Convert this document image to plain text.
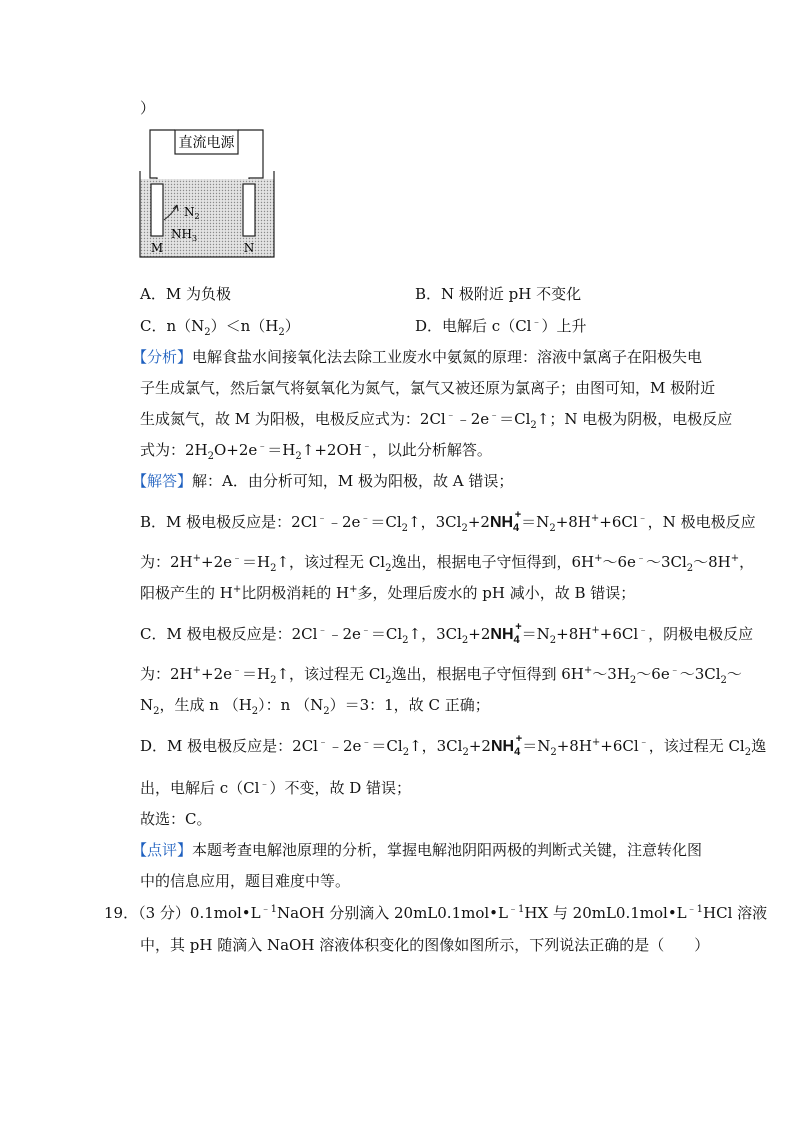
）
直流电源
$N_2$
$NH_3$
M	N
A．M 为负极	B．N 极附近 pH 不变化
C．$n(N_2)<n(H_2)$	D．电解后 c（Cl﹣）上升
【分析】电解食盐水间接氧化法去除工业废水中氨氮的原理：溶液中氯离子在阳极失电
子生成氯气，然后氯气将氨氧化为氮气，氯气又被还原为氯离子；由图可知，M 极附近
生成氮气，故 M 为阳极，电极反应式为：$2Cl^﹣﹣2e^﹣=Cl_2↑$；N 电极为阴极，电极反应
式为：$2H_2O+2e^﹣=H_2↑+2OH^﹣$，以此分析解答。
【解答】解：A．由分析可知，M 极为阳极，故 A 错误；
B．M 极电极反应是：$2Cl^﹣﹣2e^﹣=Cl_2↑$，$3Cl_2+2NH_4$
+ $=N_2+8H^++6Cl^﹣$，N 极电极反应
为：$2H^++2e^﹣=H_2↑$，该过程无 $Cl_2$逸出，根据电子守恒得到，$6H^+\sim 6e^﹣\sim 3Cl_2\sim 8H^+$，
阳极产生的 H+比阴极消耗的 H+多，处理后废水的 pH 减小，故 B 错误；
C．M 极电极反应是：$2Cl^﹣﹣2e^﹣=Cl_2↑$，$3Cl_2+2NH_4$
+ $=N_2+8H^++6Cl^﹣$，阴极电极反应
为：$2H^++2e^﹣=H_2↑$，该过程无 $Cl_2$逸出，根据电子守恒得到 $6H^+\sim 3H_2\sim 6e^﹣\sim 3Cl_2\sim$
$N_2$，生成 n $(H_2)$：n $(N_2)=3$：1，故 C 正确；
D．M 极电极反应是：$2Cl^﹣﹣2e^﹣=Cl_2↑$，$3Cl_2+2NH_4$
+ $=N_2+8H^++6Cl^﹣$，该过程无 $Cl_2$逸
出，电解后 c（Cl﹣）不变，故 D 错误；
故选：C。
【点评】本题考查电解池原理的分析，掌握电解池阴阳两极的判断式关键，注意转化图
中的信息应用，题目难度中等。
19．（3 分）$0.1mol•L^{﹣1}NaOH$ 分别滴入 $20mL0.1mol•L^{﹣1}HX$ 与 $20mL0.1mol•L^{﹣1}HCl$ 溶液
中，其 pH 随滴入 NaOH 溶液体积变化的图像如图所示，下列说法正确的是（　　）
